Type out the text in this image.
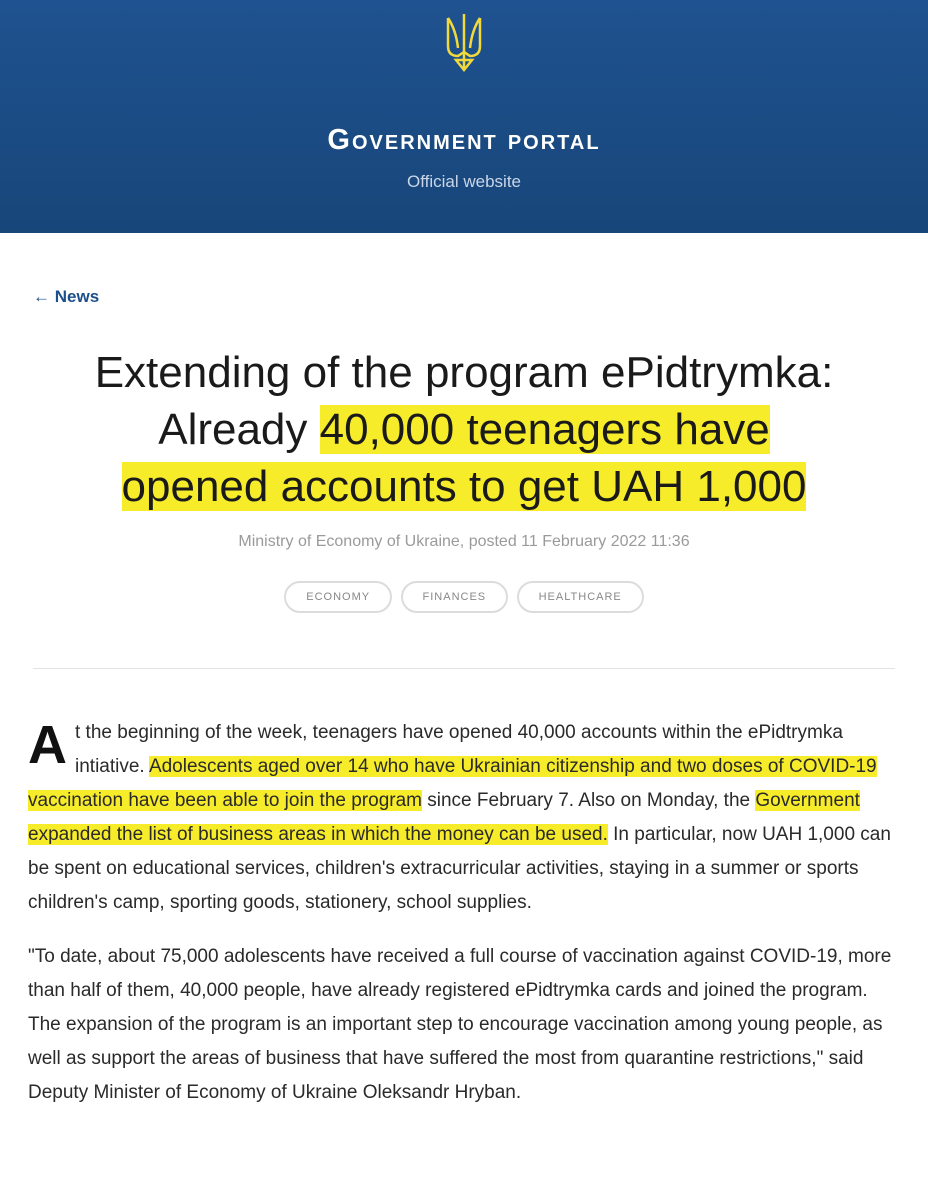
Government portal
Official website
← News
Extending of the program ePidtrymka:
Already 40,000 teenagers have
opened accounts to get UAH 1,000
Ministry of Economy of Ukraine, posted 11 February 2022 11:36
ECONOMY	FINANCES	HEALTHCARE

At the beginning of the week, teenagers have opened 40,000 accounts within the ePidtrymka intiative. Adolescents aged over 14 who have Ukrainian citizenship and two doses of COVID-19 vaccination have been able to join the program since February 7. Also on Monday, the Government expanded the list of business areas in which the money can be used. In particular, now UAH 1,000 can be spent on educational services, children's extracurricular activities, staying in a summer or sports children's camp, sporting goods, stationery, school supplies.

"To date, about 75,000 adolescents have received a full course of vaccination against COVID-19, more than half of them, 40,000 people, have already registered ePidtrymka cards and joined the program. The expansion of the program is an important step to encourage vaccination among young people, as well as support the areas of business that have suffered the most from quarantine restrictions," said Deputy Minister of Economy of Ukraine Oleksandr Hryban.
